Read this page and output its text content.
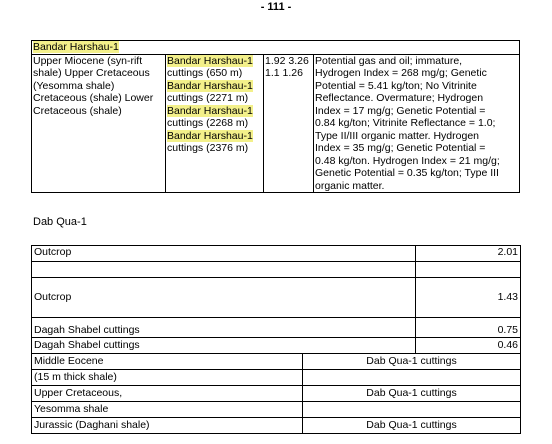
- 111 -
Bandar Harshau-1

Upper Miocene (syn-rift
shale) Upper Cretaceous
(Yesomma shale)
Cretaceous (shale) Lower
Cretaceous (shale)

Bandar Harshau-1
cuttings (650 m)
Bandar Harshau-1
cuttings (2271 m)
Bandar Harshau-1
cuttings (2268 m)
Bandar Harshau-1
cuttings (2376 m)

1.92 3.26
1.1 1.26

Potential gas and oil; immature,
Hydrogen Index = 268 mg/g; Genetic
Potential = 5.41 kg/ton; No Vitrinite
Reflectance. Overmature; Hydrogen
Index = 17 mg/g; Genetic Potential =
0.84 kg/ton; Vitrinite Reflectance = 1.0;
Type II/III organic matter. Hydrogen
Index = 35 mg/g; Genetic Potential =
0.48 kg/ton. Hydrogen Index = 21 mg/g;
Genetic Potential = 0.35 kg/ton; Type III
organic matter.
Dab Qua-1
Outcrop		2.01

Outcrop		1.43
Dagah Shabel cuttings		0.75
Dagah Shabel cuttings		0.46
Middle Eocene	Dab Qua-1 cuttings	
(15 m thick shale)		
Upper Cretaceous,	Dab Qua-1 cuttings	
Yesomma shale		
Jurassic (Daghani shale)	Dab Qua-1 cuttings	
